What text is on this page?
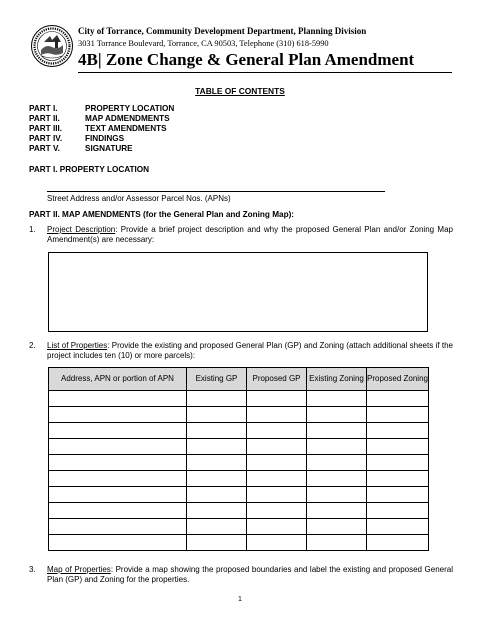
City of Torrance, Community Development Department, Planning Division
3031 Torrance Boulevard, Torrance, CA 90503, Telephone (310) 618-5990
4B| Zone Change & General Plan Amendment
TABLE OF CONTENTS
PART I.	PROPERTY LOCATION
PART II.	MAP ADMENDMENTS
PART III.	TEXT AMENDMENTS
PART IV.	FINDINGS
PART V.	SIGNATURE
PART I. PROPERTY LOCATION
Street Address and/or Assessor Parcel Nos. (APNs)
PART II. MAP AMENDMENTS (for the General Plan and Zoning Map):
1. Project Description: Provide a brief project description and why the proposed General Plan and/or Zoning Map Amendment(s) are necessary:
2. List of Properties: Provide the existing and proposed General Plan (GP) and Zoning (attach additional sheets if the project includes ten (10) or more parcels):
Address, APN or portion of APN	Existing GP	Proposed GP	Existing Zoning	Proposed Zoning

3. Map of Properties: Provide a map showing the proposed boundaries and label the existing and proposed General Plan (GP) and Zoning for the properties.
1
